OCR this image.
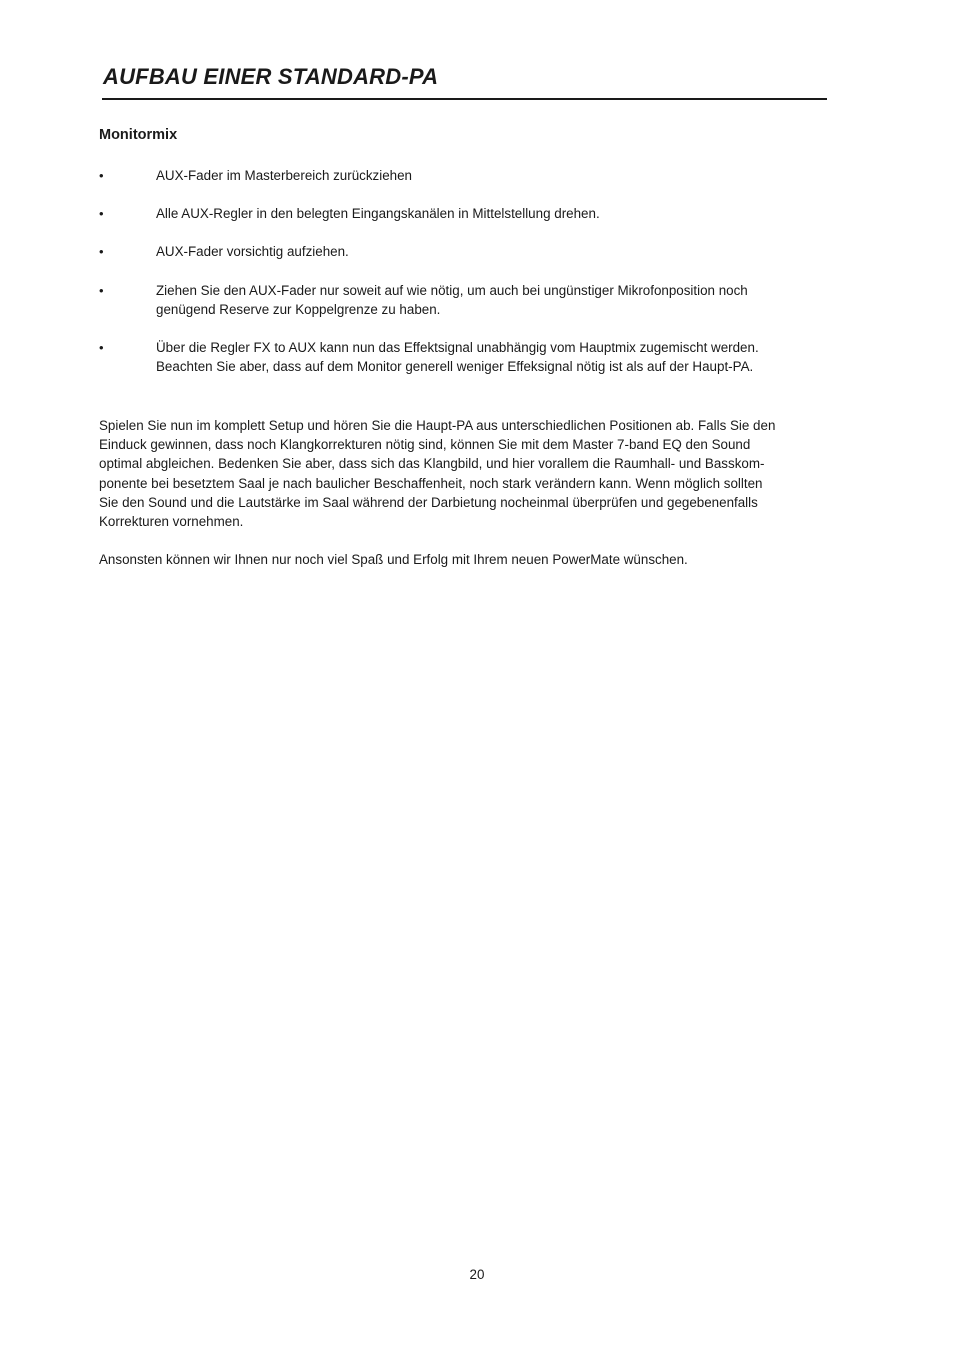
AUFBAU EINER STANDARD-PA
Monitormix
•	AUX-Fader im Masterbereich zurückziehen
•	Alle AUX-Regler in den belegten Eingangskanälen in Mittelstellung drehen.
•	AUX-Fader vorsichtig aufziehen.
•	Ziehen Sie den AUX-Fader nur soweit auf wie nötig, um auch bei ungünstiger Mikrofonposition noch
genügend Reserve zur Koppelgrenze zu haben.
•	Über die Regler FX to AUX kann nun das Effektsignal unabhängig vom Hauptmix zugemischt werden.
Beachten Sie aber, dass auf dem Monitor generell weniger Effeksignal nötig ist als auf der Haupt-PA.

Spielen Sie nun im komplett Setup und hören Sie die Haupt-PA aus unterschiedlichen Positionen ab. Falls Sie den
Einduck gewinnen, dass noch Klangkorrekturen nötig sind, können Sie mit dem Master 7-band EQ den Sound
optimal abgleichen. Bedenken Sie aber, dass sich das Klangbild, und hier vorallem die Raumhall- und Basskom-
ponente bei besetztem Saal je nach baulicher Beschaffenheit, noch stark verändern kann. Wenn möglich sollten
Sie den Sound und die Lautstärke im Saal während der Darbietung nocheinmal überprüfen und gegebenenfalls
Korrekturen vornehmen.

Ansonsten können wir Ihnen nur noch viel Spaß und Erfolg mit Ihrem neuen PowerMate wünschen.

20
